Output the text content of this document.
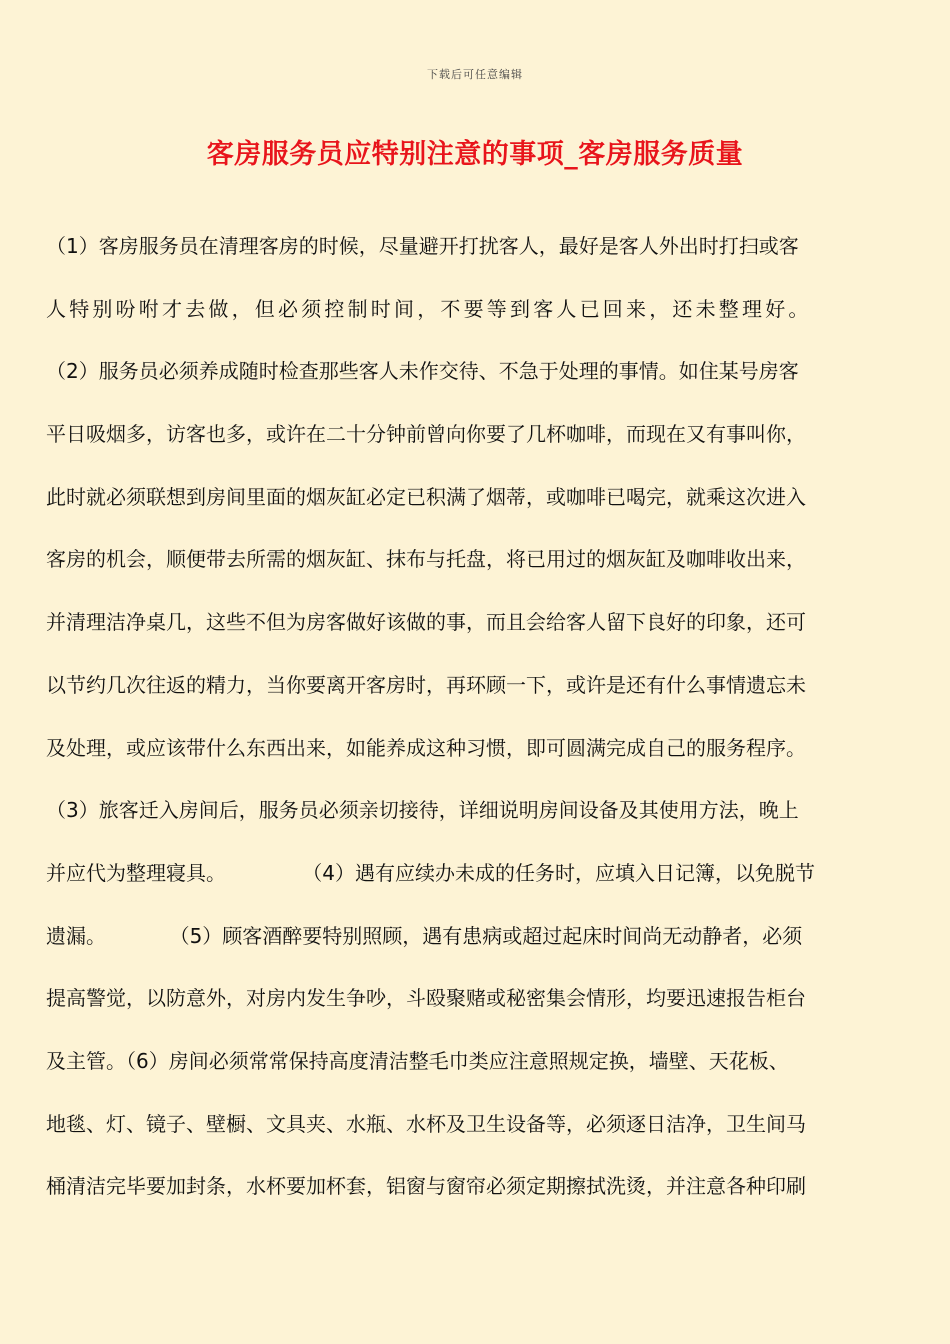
下载后可任意编辑
客房服务员应特别注意的事项_客房服务质量
（1）客房服务员在清理客房的时候，尽量避开打扰客人，最好是客人外出时打扫或客
人特别吩咐才去做，但必须控制时间，不要等到客人已回来，还未整理好。
（2）服务员必须养成随时检查那些客人未作交待、不急于处理的事情。如住某号房客
平日吸烟多，访客也多，或许在二十分钟前曾向你要了几杯咖啡，而现在又有事叫你，
此时就必须联想到房间里面的烟灰缸必定已积满了烟蒂，或咖啡已喝完，就乘这次进入
客房的机会，顺便带去所需的烟灰缸、抹布与托盘，将已用过的烟灰缸及咖啡收出来，
并清理洁净桌几，这些不但为房客做好该做的事，而且会给客人留下良好的印象，还可
以节约几次往返的精力，当你要离开客房时，再环顾一下，或许是还有什么事情遗忘未
及处理，或应该带什么东西出来，如能养成这种习惯，即可圆满完成自己的服务程序。
（3）旅客迁入房间后，服务员必须亲切接待，详细说明房间设备及其使用方法，晚上
并应代为整理寝具。            （4）遇有应续办未成的任务时，应填入日记簿，以免脱节
遗漏。          （5）顾客酒醉要特别照顾，遇有患病或超过起床时间尚无动静者，必须
提高警觉，以防意外，对房内发生争吵，斗殴聚赌或秘密集会情形，均要迅速报告柜台
及主管。（6）房间必须常常保持高度清洁整毛巾类应注意照规定换，墙壁、天花板、
地毯、灯、镜子、壁橱、文具夹、水瓶、水杯及卫生设备等，必须逐日洁净，卫生间马
桶清洁完毕要加封条，水杯要加杯套，铝窗与窗帘必须定期擦拭洗烫，并注意各种印刷
